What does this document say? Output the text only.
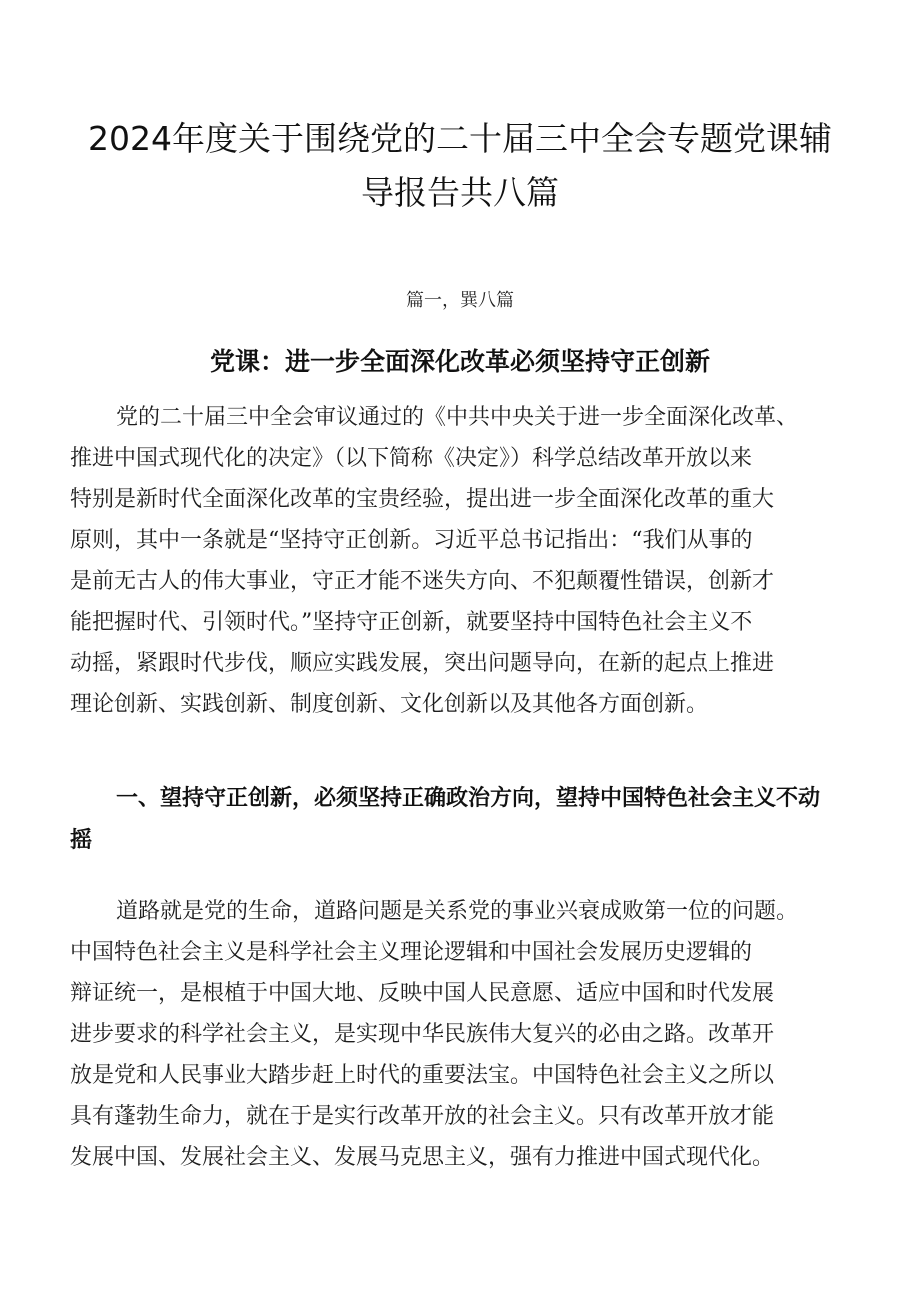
2024年度关于围绕党的二十届三中全会专题党课辅
导报告共八篇

篇一，巽八篇

党课：进一步全面深化改革必须坚持守正创新

党的二十届三中全会审议通过的《中共中央关于进一步全面深化改革、
推进中国式现代化的决定》（以下简称《决定》）科学总结改革开放以来
特别是新时代全面深化改革的宝贵经验，提出进一步全面深化改革的重大
原则，其中一条就是“坚持守正创新。习近平总书记指出：“我们从事的
是前无古人的伟大事业，守正才能不迷失方向、不犯颠覆性错误，创新才
能把握时代、引领时代。”坚持守正创新，就要坚持中国特色社会主义不
动摇，紧跟时代步伐，顺应实践发展，突出问题导向，在新的起点上推进
理论创新、实践创新、制度创新、文化创新以及其他各方面创新。

一、望持守正创新，必须坚持正确政治方向，望持中国特色社会主义不动
摇

道路就是党的生命，道路问题是关系党的事业兴衰成败第一位的问题。
中国特色社会主义是科学社会主义理论逻辑和中国社会发展历史逻辑的
辩证统一，是根植于中国大地、反映中国人民意愿、适应中国和时代发展
进步要求的科学社会主义，是实现中华民族伟大复兴的必由之路。改革开
放是党和人民事业大踏步赶上时代的重要法宝。中国特色社会主义之所以
具有蓬勃生命力，就在于是实行改革开放的社会主义。只有改革开放才能
发展中国、发展社会主义、发展马克思主义，强有力推进中国式现代化。
